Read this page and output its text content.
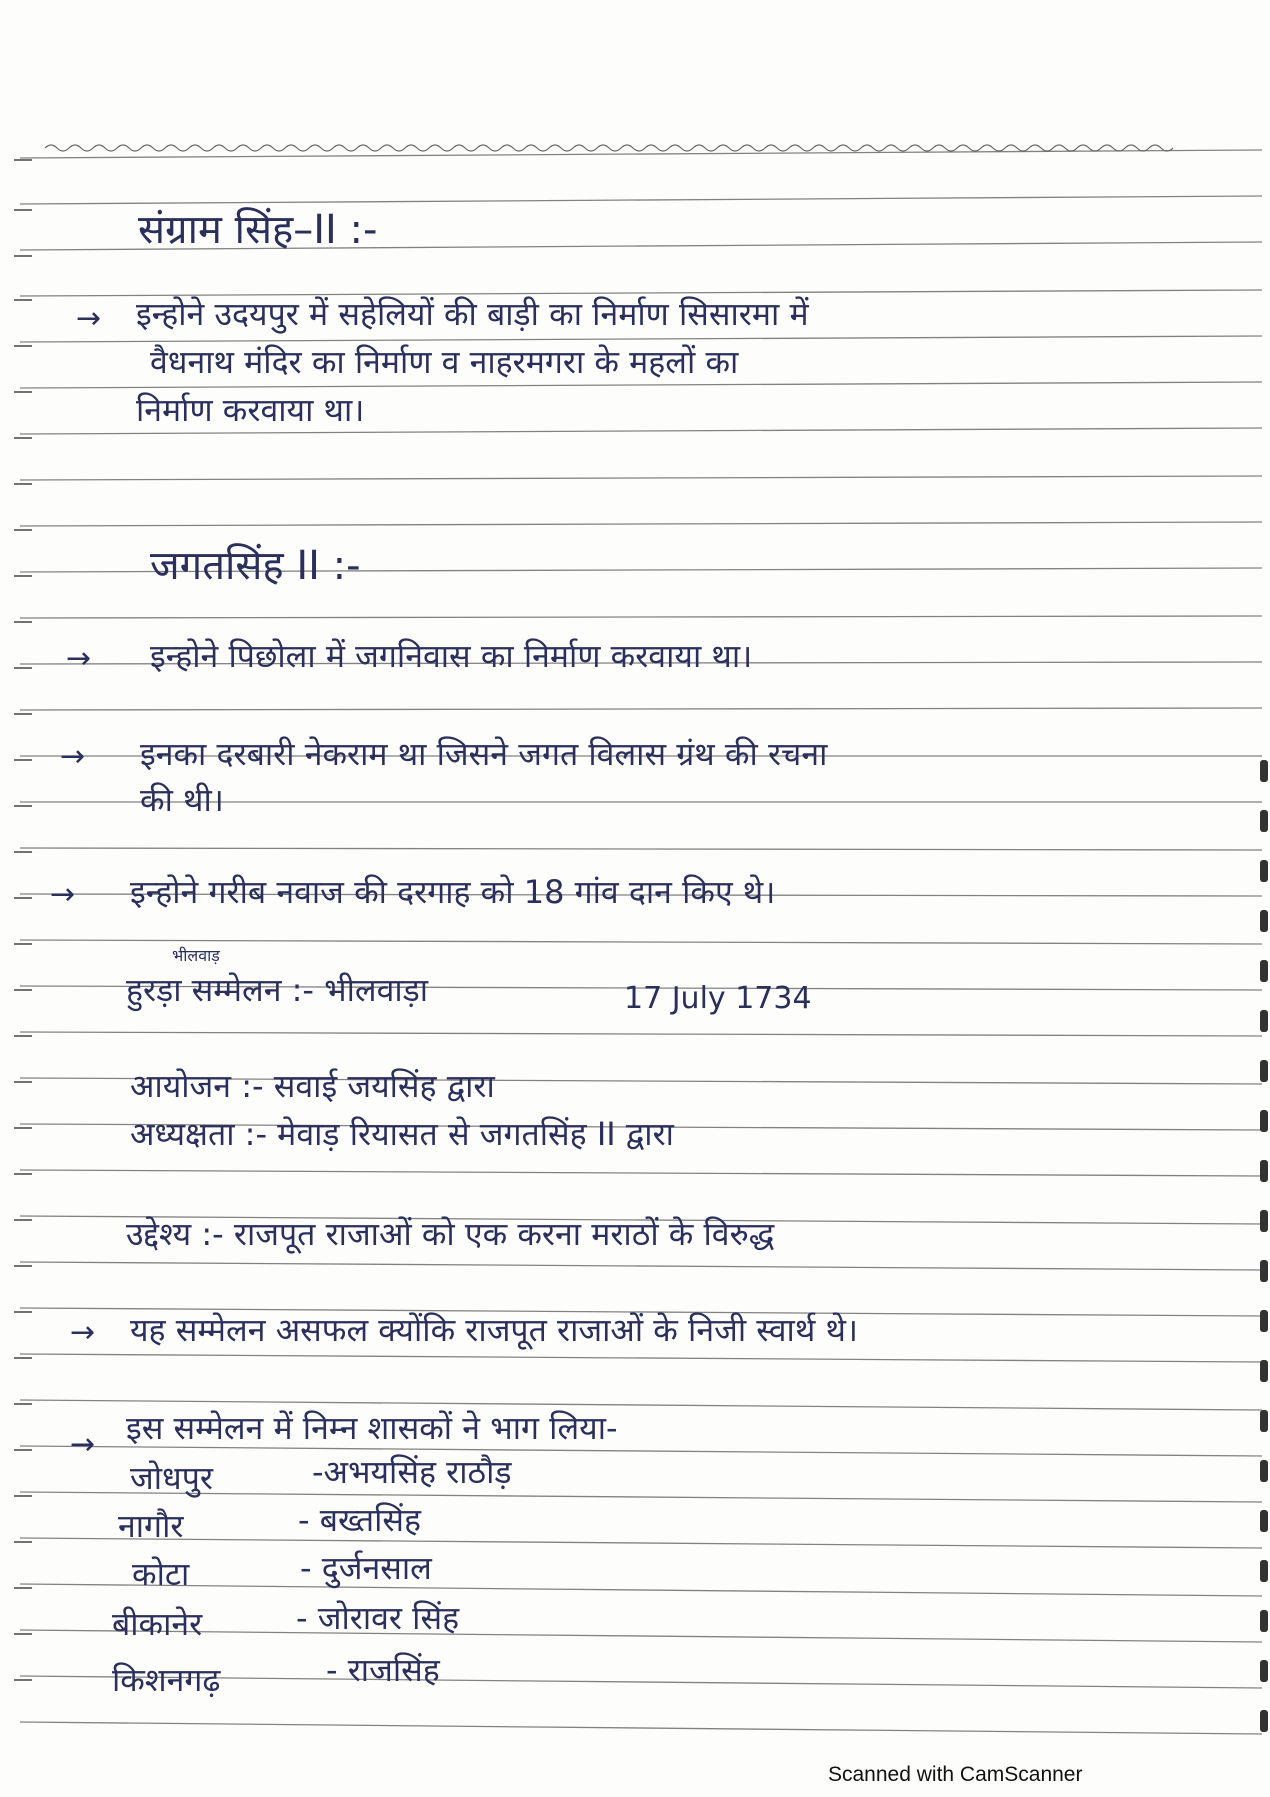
संग्राम सिंह–II :-
→ इन्होने उदयपुर में सहेलियों की बाड़ी का निर्माण सिसारमा में
वैधनाथ मंदिर का निर्माण व नाहरमगरा के महलों का
निर्माण करवाया था।
जगतसिंह II :-
→ इन्होने पिछोला में जगनिवास का निर्माण करवाया था।
→ इनका दरबारी नेकराम था जिसने जगत विलास ग्रंथ की रचना
की थी।
→ इन्होने गरीब नवाज की दरगाह को 18 गांव दान किए थे।
भीलवाड़
हुरड़ा सम्मेलन :- भीलवाड़ा	17 July 1734
आयोजन :- सवाई जयसिंह द्वारा
अध्यक्षता :- मेवाड़ रियासत से जगतसिंह II द्वारा
उद्देश्य :- राजपूत राजाओं को एक करना मराठों के विरुद्ध
→ यह सम्मेलन असफल क्योंकि राजपूत राजाओं के निजी स्वार्थ थे।
→ इस सम्मेलन में निम्न शासकों ने भाग लिया-
जोधपुर	-अभयसिंह राठौड़
नागौर	- बख्तसिंह
कोटा	- दुर्जनसाल
बीकानेर	- जोरावर सिंह
किशनगढ़	- राजसिंह
Scanned with CamScanner
